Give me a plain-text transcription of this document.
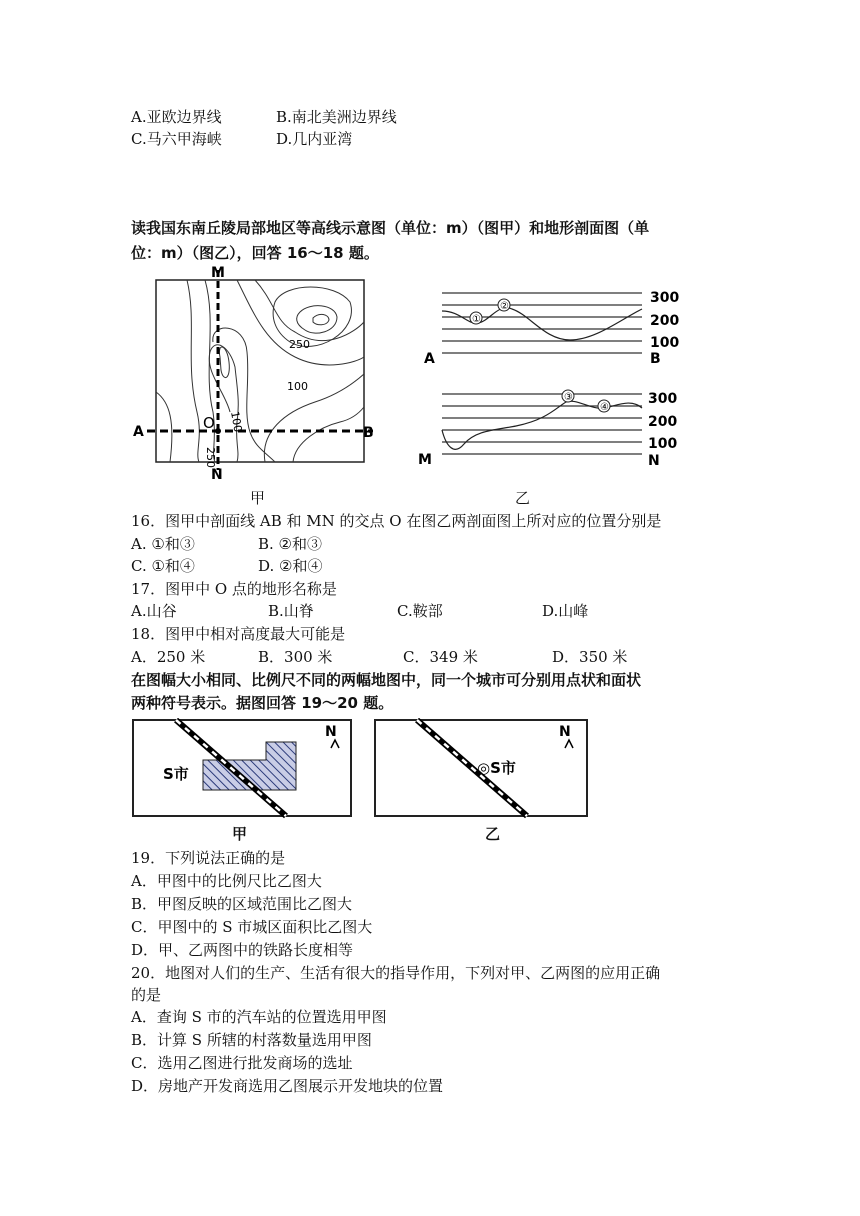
A.亚欧边界线	B.南北美洲边界线
C.马六甲海峡	D.几内亚湾
读我国东南丘陵局部地区等高线示意图（单位：m）（图甲）和地形剖面图（单
位：m）（图乙），回答 16～18 题。
M
N
A	B
O
250
100
100
250
①
②
300
200
100
A	B
③
④
300
200
100
M	N
甲	乙
16．图甲中剖面线 AB 和 MN 的交点 O 在图乙两剖面图上所对应的位置分别是
A. ①和③	B. ②和③
C. ①和④	D. ②和④
17．图甲中 O 点的地形名称是
A.山谷	B.山脊	C.鞍部	D.山峰
18．图甲中相对高度最大可能是
A．250 米	B．300 米	C．349 米	D．350 米
在图幅大小相同、比例尺不同的两幅地图中，同一个城市可分别用点状和面状
两种符号表示。据图回答 19～20 题。
S市
N
◎S市
N
甲	乙
19．下列说法正确的是
A．甲图中的比例尺比乙图大
B．甲图反映的区域范围比乙图大
C．甲图中的 S 市城区面积比乙图大
D．甲、乙两图中的铁路长度相等
20．地图对人们的生产、生活有很大的指导作用，下列对甲、乙两图的应用正确
的是
A．查询 S 市的汽车站的位置选用甲图
B．计算 S 所辖的村落数量选用甲图
C．选用乙图进行批发商场的选址
D．房地产开发商选用乙图展示开发地块的位置
